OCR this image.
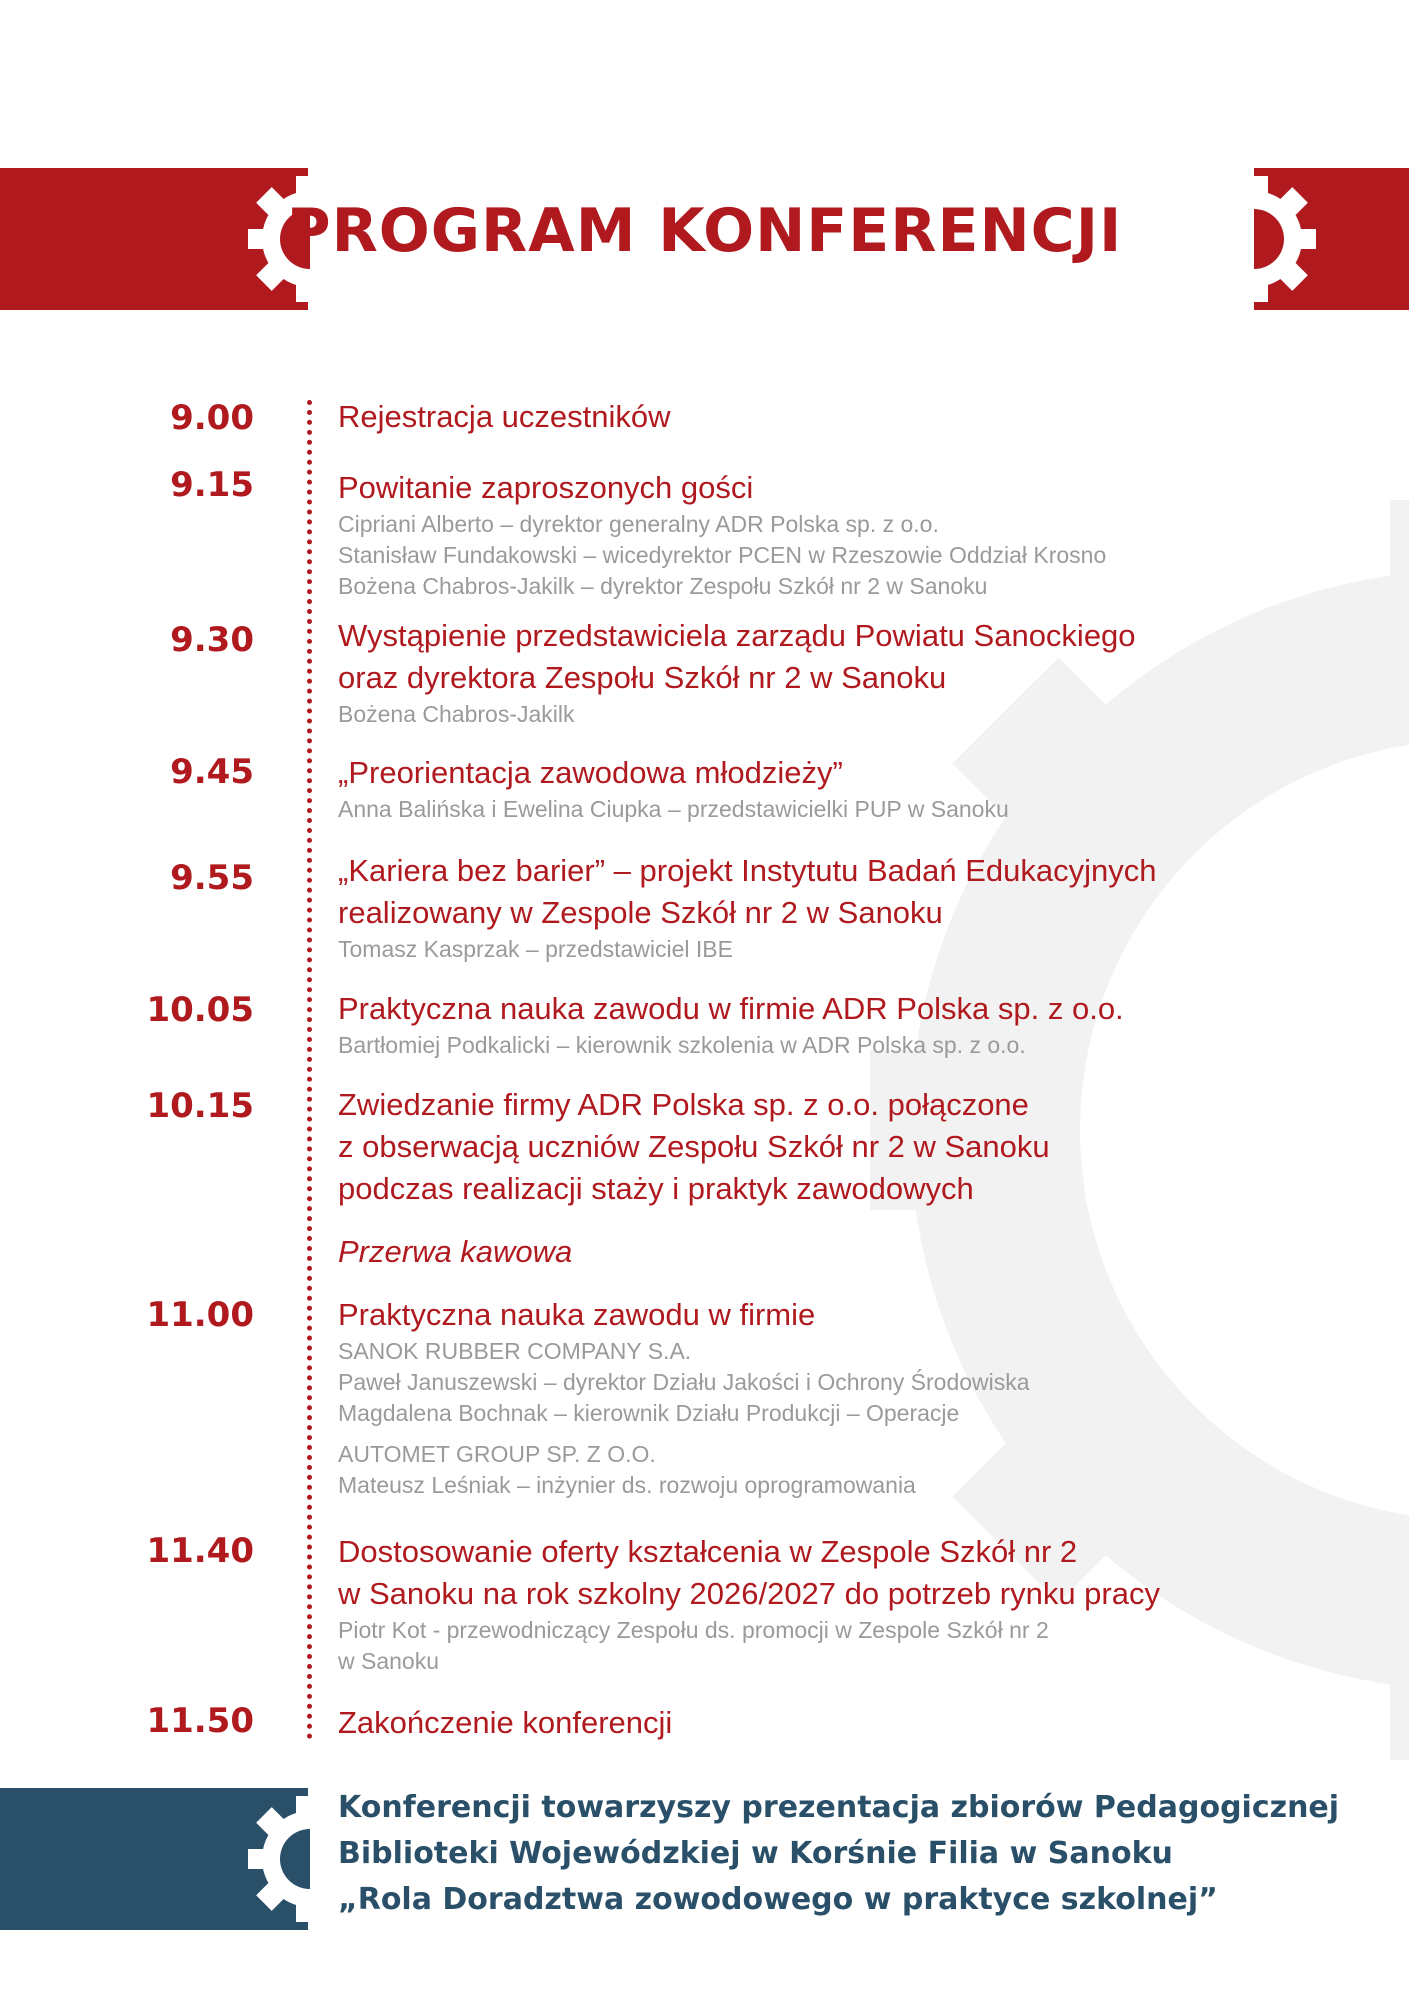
PROGRAM KONFERENCJI
9.00	Rejestracja uczestników

9.15	Powitanie zaproszonych gości

Cipriani Alberto – dyrektor generalny ADR Polska sp. z o.o.

Stanisław Fundakowski – wicedyrektor PCEN w Rzeszowie Oddział Krosno

Bożena Chabros-Jakilk – dyrektor Zespołu Szkół nr 2 w Sanoku

9.30	Wystąpienie przedstawiciela zarządu Powiatu Sanockiego

oraz dyrektora Zespołu Szkół nr 2 w Sanoku

Bożena Chabros-Jakilk

9.45	„Preorientacja zawodowa młodzieży”

Anna Balińska i Ewelina Ciupka – przedstawicielki PUP w Sanoku

9.55	„Kariera bez barier” – projekt Instytutu Badań Edukacyjnych

realizowany w Zespole Szkół nr 2 w Sanoku

Tomasz Kasprzak – przedstawiciel IBE

10.05	Praktyczna nauka zawodu w firmie ADR Polska sp. z o.o.

Bartłomiej Podkalicki – kierownik szkolenia w ADR Polska sp. z o.o.

10.15	Zwiedzanie firmy ADR Polska sp. z o.o. połączone

z obserwacją uczniów Zespołu Szkół nr 2 w Sanoku

podczas realizacji staży i praktyk zawodowych

Przerwa kawowa

11.00	Praktyczna nauka zawodu w firmie

SANOK RUBBER COMPANY S.A.

Paweł Januszewski – dyrektor Działu Jakości i Ochrony Środowiska

Magdalena Bochnak – kierownik Działu Produkcji – Operacje

AUTOMET GROUP SP. Z O.O.

Mateusz Leśniak – inżynier ds. rozwoju oprogramowania

11.40	Dostosowanie oferty kształcenia w Zespole Szkół nr 2

w Sanoku na rok szkolny 2026/2027 do potrzeb rynku pracy

Piotr Kot - przewodniczący Zespołu ds. promocji w Zespole Szkół nr 2

w Sanoku

11.50	Zakończenie konferencji

Konferencji towarzyszy prezentacja zbiorów Pedagogicznej
Biblioteki Wojewódzkiej w Korśnie Filia w Sanoku
„Rola Doradztwa zowodowego w praktyce szkolnej”
